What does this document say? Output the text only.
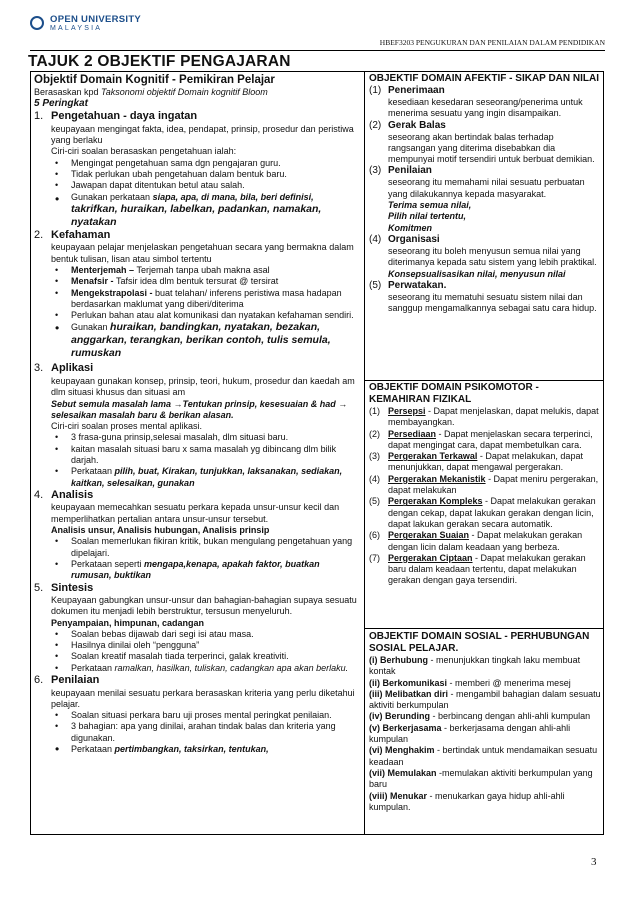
OPEN UNIVERSITY
MALAYSIA
HBEF3203 PENGUKURAN DAN PENILAIAN DALAM PENDIDIKAN
TAJUK 2 OBJEKTIF PENGAJARAN
Objektif Domain Kognitif - Pemikiran Pelajar
Berasaskan kpd Taksonomi objektif Domain kognitif Bloom
5 Peringkat
1. Pengetahuan - daya ingatan
keupayaan mengingat fakta, idea, pendapat, prinsip, prosedur dan peristiwa yang berlaku
Ciri-ciri soalan berasaskan pengetahuan ialah:
•	Mengingat pengetahuan sama dgn pengajaran guru.
•	Tidak perlukan ubah pengetahuan dalam bentuk baru.
•	Jawapan dapat ditentukan betul atau salah.
•	Gunakan perkataan siapa, apa, di mana, bila, beri definisi,
takrifkan, huraikan, labelkan, padankan, namakan, nyatakan
2. Kefahaman
keupayaan pelajar menjelaskan pengetahuan secara yang bermakna dalam bentuk tulisan, lisan atau simbol tertentu
•	Menterjemah – Terjemah tanpa ubah makna asal
•	Menafsir - Tafsir idea dlm bentuk tersurat @ tersirat
•	Mengekstrapolasi - buat telahan/ inferens peristiwa masa hadapan berdasarkan maklumat yang diberi/diterima
•	Perlukan bahan atau alat komunikasi dan nyatakan kefahaman sendiri.
•	Gunakan huraikan, bandingkan, nyatakan, bezakan, anggarkan, terangkan, berikan contoh, tulis semula, rumuskan
3. Aplikasi
keupayaan gunakan konsep, prinsip, teori, hukum, prosedur dan kaedah am dlm situasi khusus dan situasi am
Sebut semula masalah lama →Tentukan prinsip, kesesuaian & had → selesaikan masalah baru & berikan alasan.
Ciri-ciri soalan proses mental aplikasi.
•	3 frasa-guna prinsip,selesai masalah, dlm situasi baru.
•	kaitan masalah situasi baru x sama masalah yg dibincang dlm bilik darjah.
•	Perkataan pilih, buat, Kirakan, tunjukkan, laksanakan, sediakan, kaitkan, selesaikan, gunakan
4. Analisis
keupayaan memecahkan sesuatu perkara kepada unsur-unsur kecil dan memperlihatkan pertalian antara unsur-unsur tersebut.
Analisis unsur, Analisis hubungan, Analisis prinsip
•	Soalan memerlukan fikiran kritik, bukan mengulang pengetahuan yang dipelajari.
•	Perkataan seperti mengapa,kenapa, apakah faktor, buatkan rumusan, buktikan
5. Sintesis
Keupayaan gabungkan unsur-unsur dan bahagian-bahagian supaya sesuatu dokumen itu menjadi lebih berstruktur, tersusun menyeluruh.
Penyampaian, himpunan, cadangan
•	Soalan bebas dijawab dari segi isi atau masa.
•	Hasilnya dinilai oleh “pengguna”
•	Soalan kreatif masalah tiada terperinci, galak kreativiti.
•	Perkataan ramalkan, hasilkan, tuliskan, cadangkan apa akan berlaku.
6. Penilaian
keupayaan menilai sesuatu perkara berasaskan kriteria yang perlu diketahui pelajar.
•	Soalan situasi perkara baru uji proses mental peringkat penilaian.
•	3 bahagian: apa yang dinilai, arahan tindak balas dan kriteria yang digunakan.
•	Perkataan pertimbangkan, taksirkan, tentukan,
OBJEKTIF DOMAIN AFEKTIF - SIKAP DAN NILAI
(1) Penerimaan
kesediaan kesedaran seseorang/penerima untuk menerima sesuatu yang ingin disampaikan.
(2) Gerak Balas
seseorang akan bertindak balas terhadap rangsangan yang diterima disebabkan dia mempunyai motif tersendiri untuk berbuat demikian.
(3) Penilaian
seseorang itu memahami nilai sesuatu perbuatan yang dilakukannya kepada masyarakat.
Terima semua nilai,
Pilih nilai tertentu,
Komitmen
(4) Organisasi
seseorang itu boleh menyusun semua nilai yang diterimanya kepada satu sistem yang lebih praktikal.
Konsepsualisasikan nilai, menyusun nilai
(5) Perwatakan.
seseorang itu mematuhi sesuatu sistem nilai dan sanggup mengamalkannya sebagai satu cara hidup.
OBJEKTIF DOMAIN PSIKOMOTOR - KEMAHIRAN FIZIKAL
(1) Persepsi - Dapat menjelaskan, dapat melukis, dapat membayangkan.
(2) Persediaan - Dapat menjelaskan secara terperinci, dapat mengingat cara, dapat membetulkan cara.
(3) Pergerakan Terkawal - Dapat melakukan, dapat menunjukkan, dapat mengawal pergerakan.
(4) Pergerakan Mekanistik - Dapat meniru pergerakan, dapat melakukan
(5) Pergerakan Kompleks - Dapat melakukan gerakan dengan cekap, dapat lakukan gerakan dengan licin, dapat lakukan gerakan secara automatik.
(6) Pergerakan Suaian - Dapat melakukan gerakan dengan licin dalam keadaan yang berbeza.
(7) Pergerakan Ciptaan - Dapat melakukan gerakan baru dalam keadaan tertentu, dapat melakukan gerakan dengan gaya tersendiri.
OBJEKTIF DOMAIN SOSIAL - PERHUBUNGAN SOSIAL PELAJAR.
(i) Berhubung - menunjukkan tingkah laku membuat kontak
(ii) Berkomunikasi - memberi @ menerima mesej
(iii) Melibatkan diri - mengambil bahagian dalam sesuatu aktiviti berkumpulan
(iv) Berunding - berbincang dengan ahli-ahli kumpulan
(v) Berkerjasama - berkerjasama dengan ahli-ahli kumpulan
(vi) Menghakim - bertindak untuk mendamaikan sesuatu keadaan
(vii) Memulakan -memulakan aktiviti berkumpulan yang baru
(viii) Menukar - menukarkan gaya hidup ahli-ahli kumpulan.
3
